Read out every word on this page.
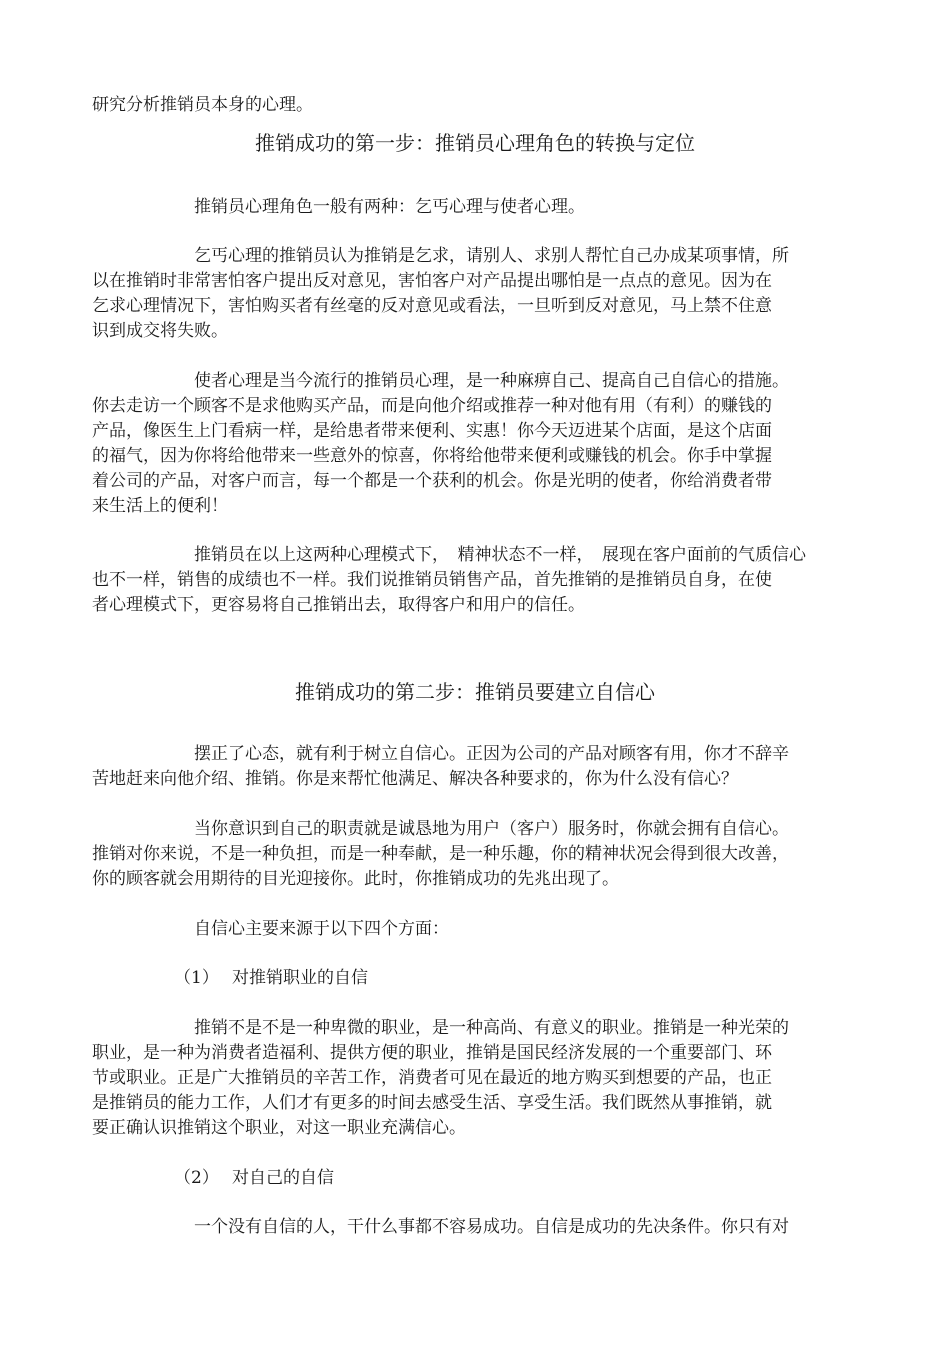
研究分析推销员本身的心理。
推销成功的第一步：推销员心理角色的转换与定位
推销员心理角色一般有两种：乞丐心理与使者心理。
乞丐心理的推销员认为推销是乞求，请别人、求别人帮忙自己办成某项事情，所
以在推销时非常害怕客户提出反对意见，害怕客户对产品提出哪怕是一点点的意见。因为在
乞求心理情况下，害怕购买者有丝毫的反对意见或看法，一旦听到反对意见，马上禁不住意
识到成交将失败。
使者心理是当今流行的推销员心理，是一种麻痹自己、提高自己自信心的措施。
你去走访一个顾客不是求他购买产品，而是向他介绍或推荐一种对他有用（有利）的赚钱的
产品，像医生上门看病一样，是给患者带来便利、实惠！你今天迈进某个店面，是这个店面
的福气，因为你将给他带来一些意外的惊喜，你将给他带来便利或赚钱的机会。你手中掌握
着公司的产品，对客户而言，每一个都是一个获利的机会。你是光明的使者，你给消费者带
来生活上的便利！
推销员在以上这两种心理模式下，　精神状态不一样，　展现在客户面前的气质信心
也不一样，销售的成绩也不一样。我们说推销员销售产品，首先推销的是推销员自身，在使
者心理模式下，更容易将自己推销出去，取得客户和用户的信任。
推销成功的第二步：推销员要建立自信心
摆正了心态，就有利于树立自信心。正因为公司的产品对顾客有用，你才不辞辛
苦地赶来向他介绍、推销。你是来帮忙他满足、解决各种要求的，你为什么没有信心？
当你意识到自己的职责就是诚恳地为用户（客户）服务时，你就会拥有自信心。
推销对你来说，不是一种负担，而是一种奉献，是一种乐趣，你的精神状况会得到很大改善，
你的顾客就会用期待的目光迎接你。此时，你推销成功的先兆出现了。
自信心主要来源于以下四个方面：
（1） 对推销职业的自信
推销不是不是一种卑微的职业，是一种高尚、有意义的职业。推销是一种光荣的
职业，是一种为消费者造福利、提供方便的职业，推销是国民经济发展的一个重要部门、环
节或职业。正是广大推销员的辛苦工作，消费者可见在最近的地方购买到想要的产品，也正
是推销员的能力工作，人们才有更多的时间去感受生活、享受生活。我们既然从事推销，就
要正确认识推销这个职业，对这一职业充满信心。
（2） 对自己的自信
一个没有自信的人，干什么事都不容易成功。自信是成功的先决条件。你只有对
